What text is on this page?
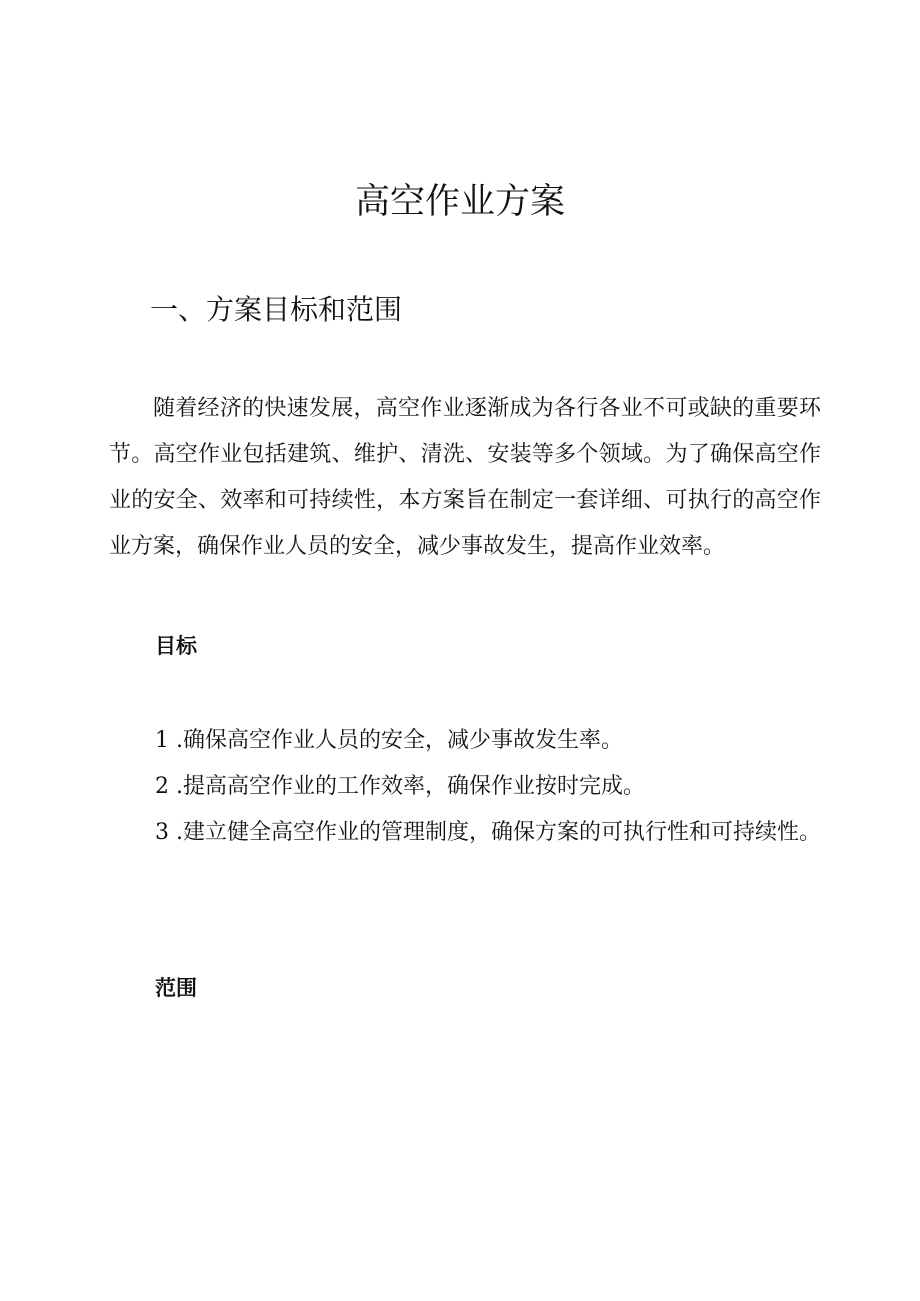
高空作业方案
一、方案目标和范围

随着经济的快速发展，高空作业逐渐成为各行各业不可或缺的重要环节。高空作业包括建筑、维护、清洗、安装等多个领域。为了确保高空作业的安全、效率和可持续性，本方案旨在制定一套详细、可执行的高空作业方案，确保作业人员的安全，减少事故发生，提高作业效率。

目标
1 .确保高空作业人员的安全，减少事故发生率。
2 .提高高空作业的工作效率，确保作业按时完成。
3 .建立健全高空作业的管理制度，确保方案的可执行性和可持续性。
范围
